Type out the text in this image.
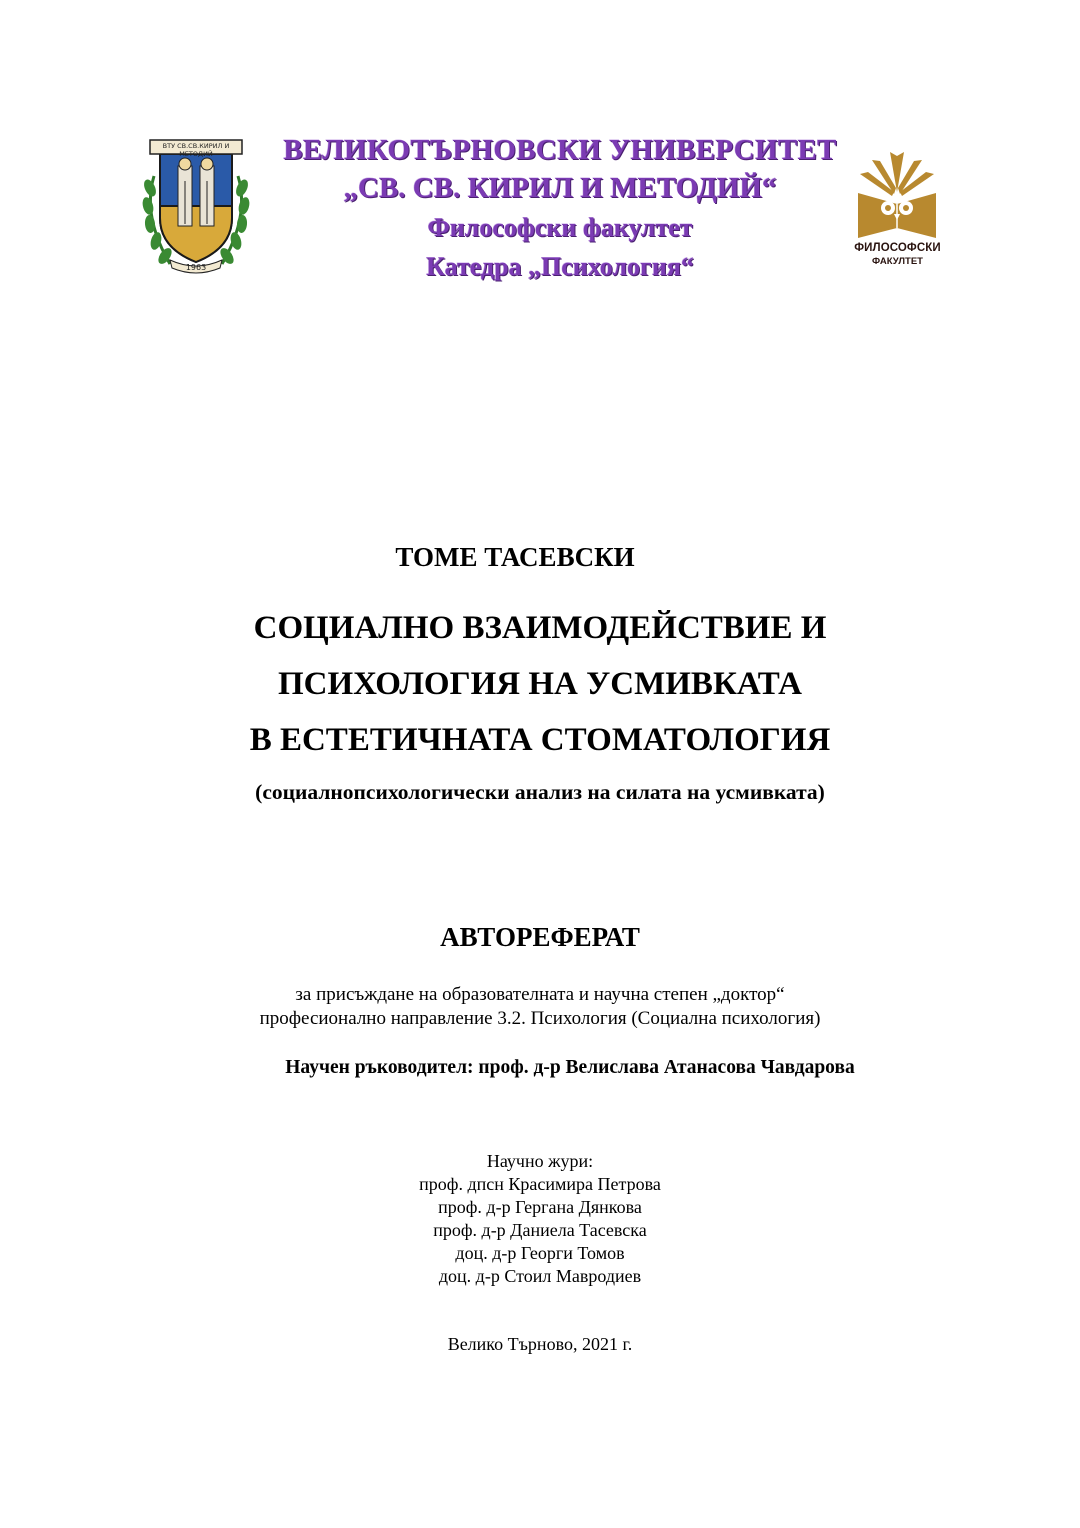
ВТУ СВ.СВ.КИРИЛ И МЕТОДИЙ
1963
ВЕЛИКОТЪРНОВСКИ УНИВЕРСИТЕТ
„СВ. СВ. КИРИЛ И МЕТОДИЙ“
Философски факултет
Катедра „Психология“
ФИЛОСОФСКИ
ФАКУЛТЕТ
ТОМЕ ТАСЕВСКИ
СОЦИАЛНО ВЗАИМОДЕЙСТВИЕ И
ПСИХОЛОГИЯ НА УСМИВКАТА
В ЕСТЕТИЧНАТА СТОМАТОЛОГИЯ
(социалнопсихологически анализ на силата на усмивката)
АВТОРЕФЕРАТ
за присъждане на образователната и научна степен „доктор“
професионално направление 3.2. Психология (Социална психология)
Научен ръководител: проф. д-р Велислава Атанасова Чавдарова
Научно жури:
проф. дпсн Красимира Петрова
проф. д-р Гергана Дянкова
проф. д-р Даниела Тасевска
доц. д-р Георги Томов
доц. д-р Стоил Мавродиев
Велико Търново, 2021 г.
